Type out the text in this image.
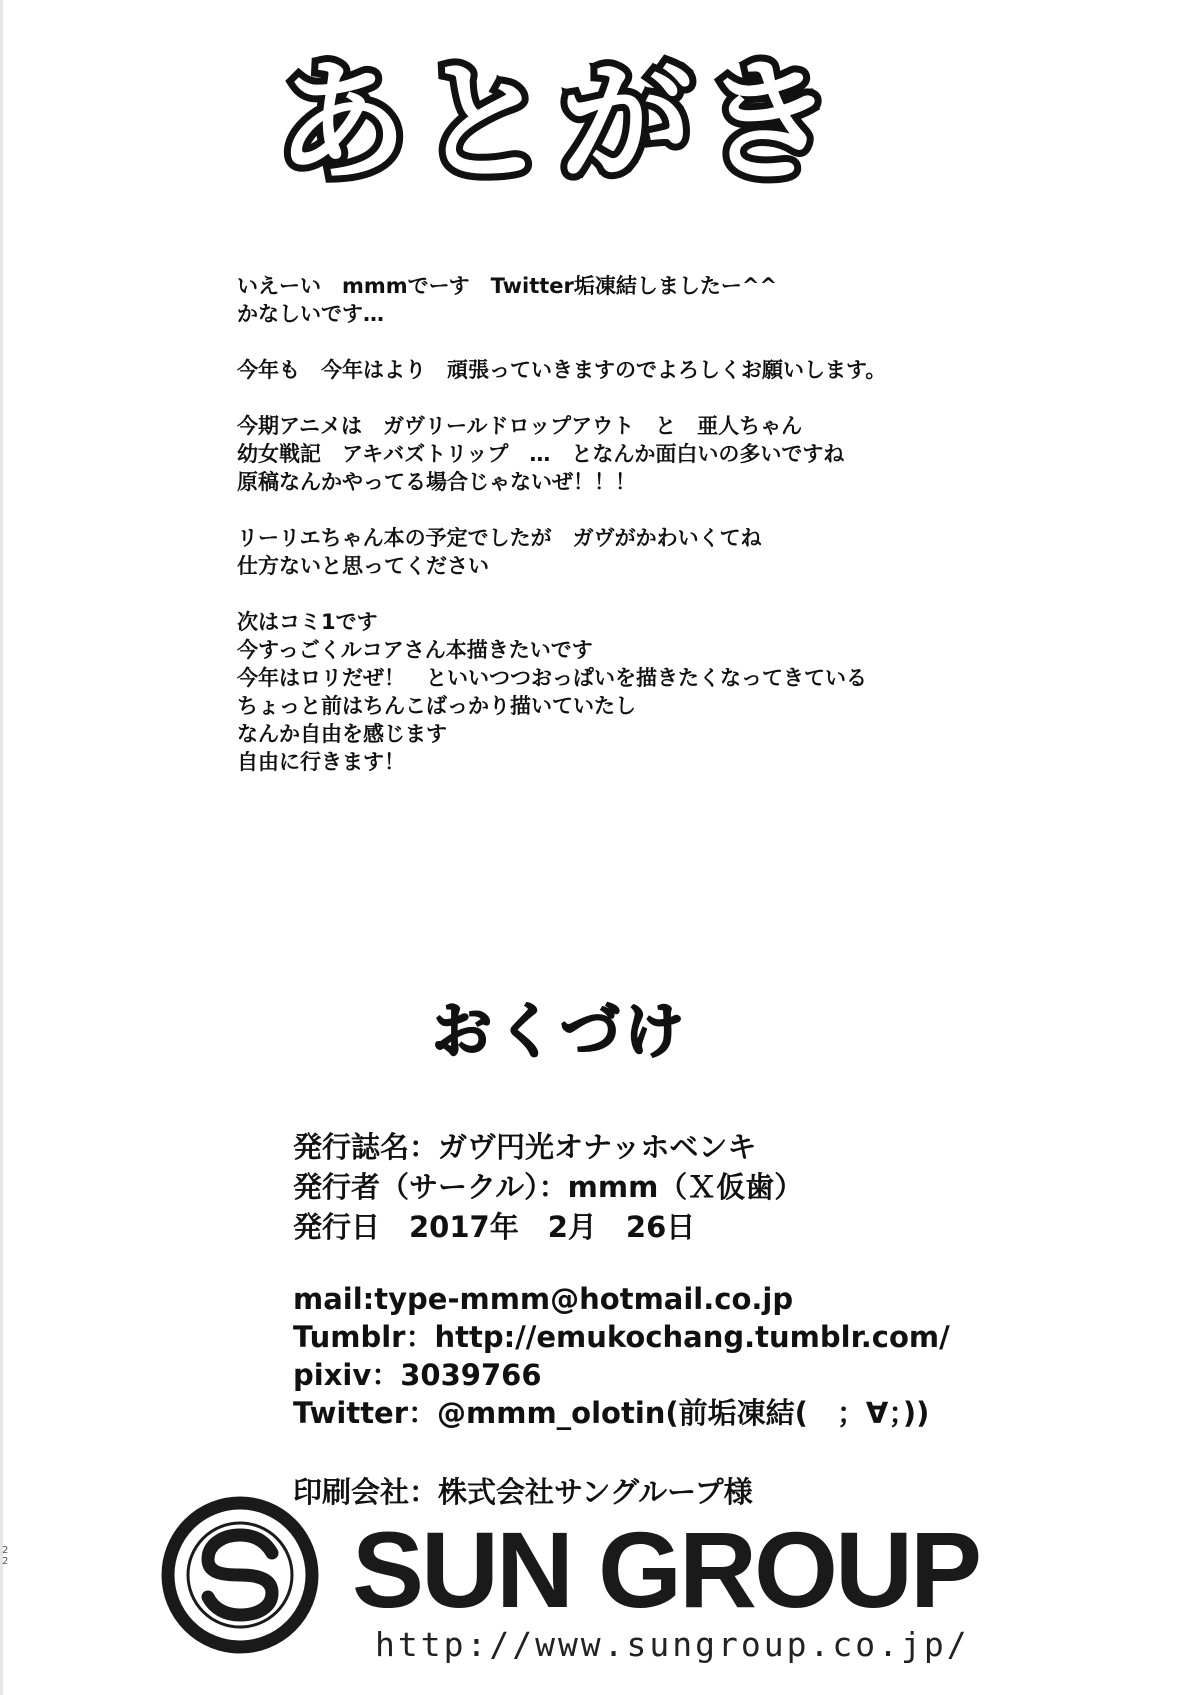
あとがき
いえーい　mmmでーす　Twitter垢凍結しましたー^^
かなしいです…
今年も　今年はより　頑張っていきますのでよろしくお願いします。
今期アニメは　ガヴリールドロップアウト　と　亜人ちゃん
幼女戦記　アキバズトリップ　…　となんか面白いの多いですね
原稿なんかやってる場合じゃないぜ！！！
リーリエちゃん本の予定でしたが　ガヴがかわいくてね
仕方ないと思ってください
次はコミ1です
今すっごくルコアさん本描きたいです
今年はロリだぜ！　といいつつおっぱいを描きたくなってきている
ちょっと前はちんこばっかり描いていたし
なんか自由を感じます
自由に行きます！
おくづけ
発行誌名：ガヴ円光オナッホベンキ
発行者（サークル）：mmm（Ｘ仮歯）
発行日　2017年　2月　26日
mail:type-mmm@hotmail.co.jp
Tumblr：http://emukochang.tumblr.com/
pixiv：3039766
Twitter：@mmm_olotin(前垢凍結(　；∀；))
印刷会社：株式会社サングループ様
SUN GROUP
http://www.sungroup.co.jp/
22
